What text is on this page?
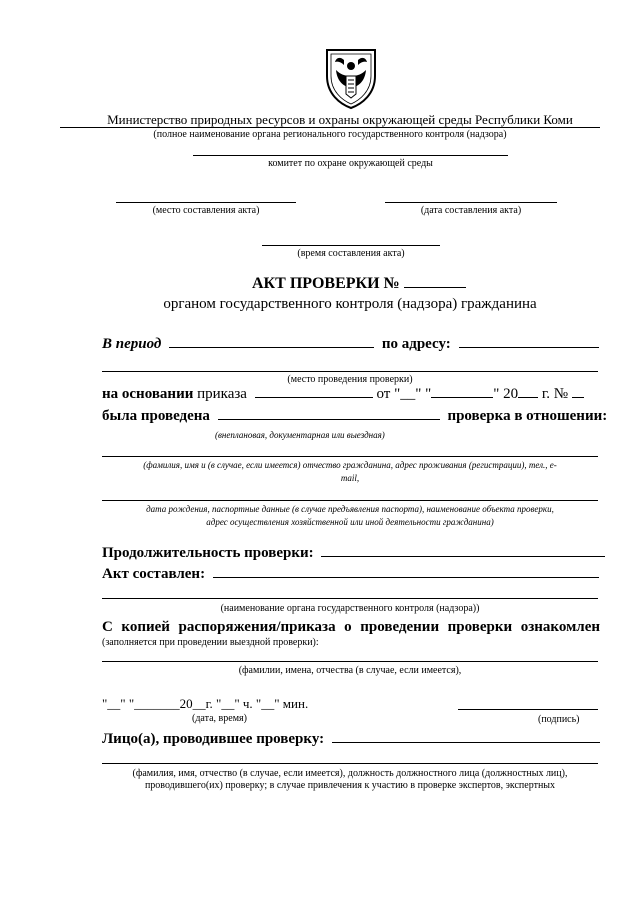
Министерство природных ресурсов и охраны окружающей среды Республики Коми
(полное наименование органа регионального государственного контроля (надзора)
комитет по охране окружающей среды
(место составления акта)	(дата составления акта)
(время составления акта)
АКТ ПРОВЕРКИ №
органом государственного контроля (надзора) гражданина
В период	по адресу:
(место проведения проверки)
на основании приказа	от "__" "	" 20 г. №
была проведена	проверка в отношении:
(внеплановая, документарная или выездная)
(фамилия, имя и (в случае, если имеется) отчество гражданина, адрес проживания (регистрации), тел., e-
mail,
дата рождения, паспортные данные (в случае предъявления паспорта), наименование объекта проверки,
адрес осуществления хозяйственной или иной деятельности гражданина)
Продолжительность проверки:
Акт составлен:
(наименование органа государственного контроля (надзора))
С копией распоряжения/приказа о проведении проверки ознакомлен
(заполняется при проведении выездной проверки):
(фамилии, имена, отчества (в случае, если имеется),
"__" "_______20__г. "__" ч. "__" мин.
(дата, время)	(подпись)
Лицо(а), проводившее проверку:
(фамилия, имя, отчество (в случае, если имеется), должность должностного лица (должностных лиц),
проводившего(их) проверку; в случае привлечения к участию в проверке экспертов, экспертных
